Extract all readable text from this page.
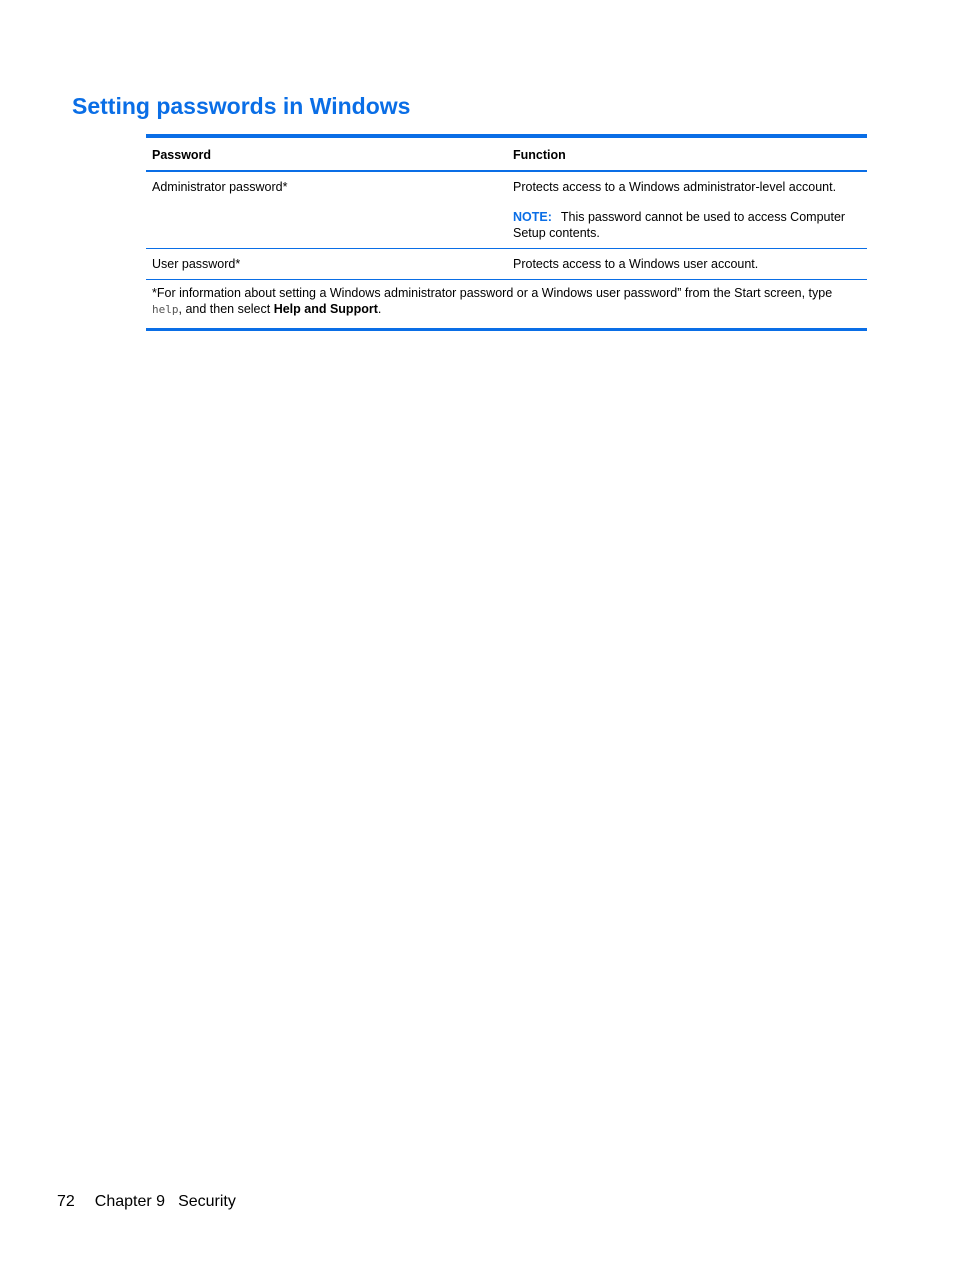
Setting passwords in Windows
Password	Function
Administrator password*	Protects access to a Windows administrator-level account.

NOTE: This password cannot be used to access Computer Setup contents.

User password*	Protects access to a Windows user account.
*For information about setting a Windows administrator password or a Windows user password” from the Start screen, type help, and then select Help and Support.
72 Chapter 9 Security
